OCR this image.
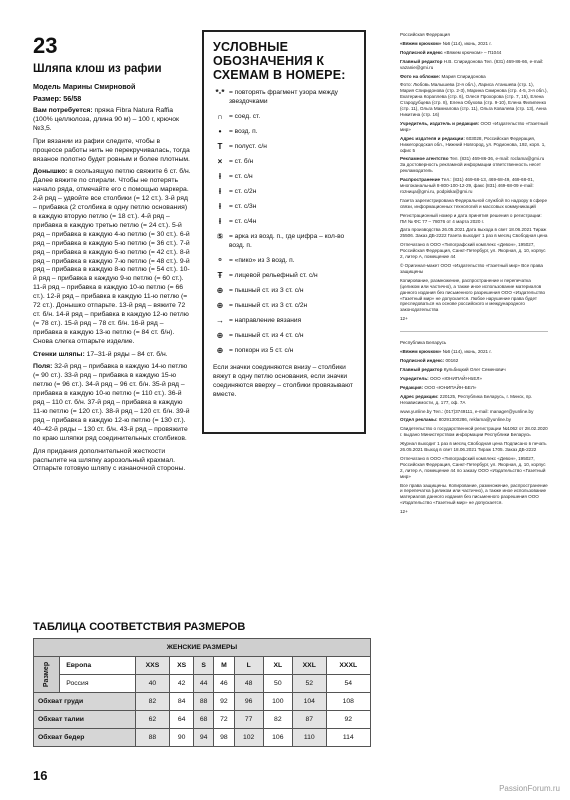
23
Шляпа клош из рафии
Модель Марины Смирновой
Размер: 56/58

Вам потребуется: пряжа Fibra Natura Raffia (100% целлюлоза, длина 90 м) – 100 г, крючок №3,5.

При вязании из рафии следите, чтобы в процессе работы нить не перекручивалась, тогда вязаное полотно будет ровным и более плотным.

Донышко: в скользящую петлю свяжите 6 ст. б/н. Далее вяжите по спирали. Чтобы не потерять начало ряда, отмечайте его с помощью маркера. 2-й ряд – удвойте все столбики (= 12 ст.). 3-й ряд – прибавка (2 столбика в одну петлю основания) в каждую вторую петлю (= 18 ст.). 4-й ряд – прибавка в каждую третью петлю (= 24 ст.). 5-й ряд – прибавка в каждую 4-ю петлю (= 30 ст.). 6-й ряд – прибавка в каждую 5-ю петлю (= 36 ст.). 7-й ряд – прибавка в каждую 6-ю петлю (= 42 ст.). 8-й ряд – прибавка в каждую 7-ю петлю (= 48 ст.). 9-й ряд – прибавка в каждую 8-ю петлю (= 54 ст.). 10-й ряд – прибавка в каждую 9-ю петлю (= 60 ст.). 11-й ряд – прибавка в каждую 10-ю петлю (= 66 ст.). 12-й ряд – прибавка в каждую 11-ю петлю (= 72 ст.). Донышко отпарьте. 13-й ряд – вяжите 72 ст. б/н. 14-й ряд – прибавка в каждую 12-ю петлю (= 78 ст.). 15-й ряд – 78 ст. б/н. 16-й ряд – прибавка в каждую 13-ю петлю (= 84 ст. б/н). Снова слегка отпарьте изделие.

Стенки шляпы: 17–31-й ряды – 84 ст. б/н.

Поля: 32-й ряд – прибавка в каждую 14-ю петлю (= 90 ст.). 33-й ряд – прибавка в каждую 15-ю петлю (= 96 ст.). 34-й ряд – 96 ст. б/н. 35-й ряд – прибавка в каждую 10-ю петлю (= 110 ст.). 36-й ряд – 110 ст. б/н. 37-й ряд – прибавка в каждую 11-ю петлю (= 120 ст.). 38-й ряд – 120 ст. б/н. 39-й ряд – прибавка в каждую 12-ю петлю (= 130 ст.). 40–42-й ряды – 130 ст. б/н. 43-й ряд – провяжите по краю шляпки ряд соединительных столбиков.

Для придания дополнительной жесткости распылите на шляпку аэрозольный крахмал. Отпарьте готовую шляпу с изнаночной стороны.

УСЛОВНЫЕ ОБОЗНАЧЕНИЯ К СХЕМАМ В НОМЕРЕ:
*-* = повторять фрагмент узора между звездочками
∩ = соед. ст.
•	= возд. п.
T = полуст. с/н
×	= ст. б/н
ƚ	= ст. с/н
ƚ	= ст. с/2н
ƚ	= ст. с/3н
ƚ	= ст. с/4н
⑤ = арка из возд. п., где цифра – кол-во возд. п.
ᵒ	= «пико» из 3 возд. п.
Ŧ = лицевой рельефный ст. с/н
⊕ = пышный ст. из 3 ст. с/н
⊕ = пышный ст. из 3 ст. с/2н
→ = направление вязания
⊕ = пышный ст. из 4 ст. с/н
⊕ = попкорн из 5 ст. с/н
Если значки соединяются внизу – столбики вяжут в одну петлю основания, если значки соединяются вверху – столбики провязывают вместе.
Российская Федерация
«Вяжем крючком» №6 (114), июнь, 2021 г.
Подписной индекс «Вяжем крючком» – П1044
Главный редактор Н.В. Спиридонова Тел. (831) 469-86-66, e-mail: vazanie@gmi.ru
Фото на обложке: Мария Спиридонова
Фото: Любовь Малышева (2-я обл.), Лариса Атаншева (стр. 1), Мария Спиридонова (стр. 2-3), Марина Смирнова (стр. 4-5, 3-я обл.), Екатерина Кораплева (стр. 6), Олеся Прохорова (стр. 7, 15), Елена Стародубцева (стр. 8), Елена Обухова (стр. 9-10), Елена Филипенко (стр. 11), Ольга Мамналова (стр. 11), Ольга Ковалева (стр. 13), Анна Никитина (стр. 16)
Учредитель, издатель и редакция: ООО «Издательство «Газетный мир»
Адрес издателя и редакции: 603028, Российская Федерация, Нижегородская обл., Нижний Новгород, ул. Родионова, 192, корп. 1, офис 5
Рекламное агентство Тел. (831) 469-86-36, e-mail: roclama@gmi.ru За достоверность рекламной информации ответственность несет рекламодатель
Распространение Тел.: (831) 469-68-13, 469-68-49, 469-68-01, многоканальный 8-800-100-12-29, факс (831) 469-68-09 e-mail: rozница@gmi.ru, podpiska@gmi.ru
Газета зарегистрирована Федеральной службой по надзору в сфере связи, информационных технологий и массовых коммуникаций
Регистрационный номер и дата принятия решения о регистрации: ПИ № ФС 77 – 78076 от 4 марта 2020 г.
Дата производства 26.05.2021 Дата выхода в свет 18.06.2021 Тираж 25506. Заказ ДБ-2222 Газета выходит 1 раз в месяц Свободная цена
Отпечатано в ООО «Типографский комплекс «Девон», 195027, Российская Федерация, Санкт-Петербург, ул. Якорная, д. 10, корпус 2, литер А, помещение 44
© Оригинал-макет ООО «Издательство «Газетный мир» Все права защищены
Копирование, размножение, распространение и перепечатка (целиком или частично), а также иное использование материалов данного издания без письменного разрешения ООО «Издательство «Газетный мир» не допускается. Любое нарушение права будет преследоваться на основе российского и международного законодательства
12+
Республика Беларусь
«Вяжем крючком» №6 (114), июнь, 2021 г.
Подписной индекс: 00162
Главный редактор Кульбицкий Олег Семенович
Учредитель: ООО «ЮНИПАЙН-БЕЛ»
Редакция: ООО «ЮНИПАЙН-БЕЛ»
Адрес редакции: 220125, Республика Беларусь, г. Минск, пр. Независимости, д. 177, оф. 7А
www.yunline.by Тел.: (017)3749111, e-mail: manager@yunline.by
Отдел рекламы: 80291300286, reklama@yunline.by
Свидетельство о государственной регистрации №1062 от 28.02.2020 г. выдано Министерством информации Республики Беларусь
Журнал выходит 1 раз в месяц Свободная цена Подписано в печать 26.05.2021 Выход в свет 18.06.2021 Тираж 1705. Заказ ДБ-2222
Отпечатано в ООО «Типографский комплекс «Девон», 195027, Российская Федерация, Санкт-Петербург, ул. Якорная, д. 10, корпус 2, литер А, помещение 44 по заказу ООО «Издательство «Газетный мир»
Все права защищены. Копирование, размножение, распространение и перепечатка (целиком или частично), а также иное использование материалов данного издания без письменного разрешения ООО «Издательство «Газетный мир» не допускается.
12+
ТАБЛИЦА СООТВЕТСТВИЯ РАЗМЕРОВ
ЖЕНСКИЕ РАЗМЕРЫ									
Размер	Европа	XXS	XS	S	M	L	XL	XXL	XXXL
	Россия	40	42	44	46	48	50	52	54
Обхват груди		82	84	88	92	96	100	104	108
Обхват талии		62	64	68	72	77	82	87	92
Обхват бедер		88	90	94	98	102	106	110	114
16
PassionForum.ru
